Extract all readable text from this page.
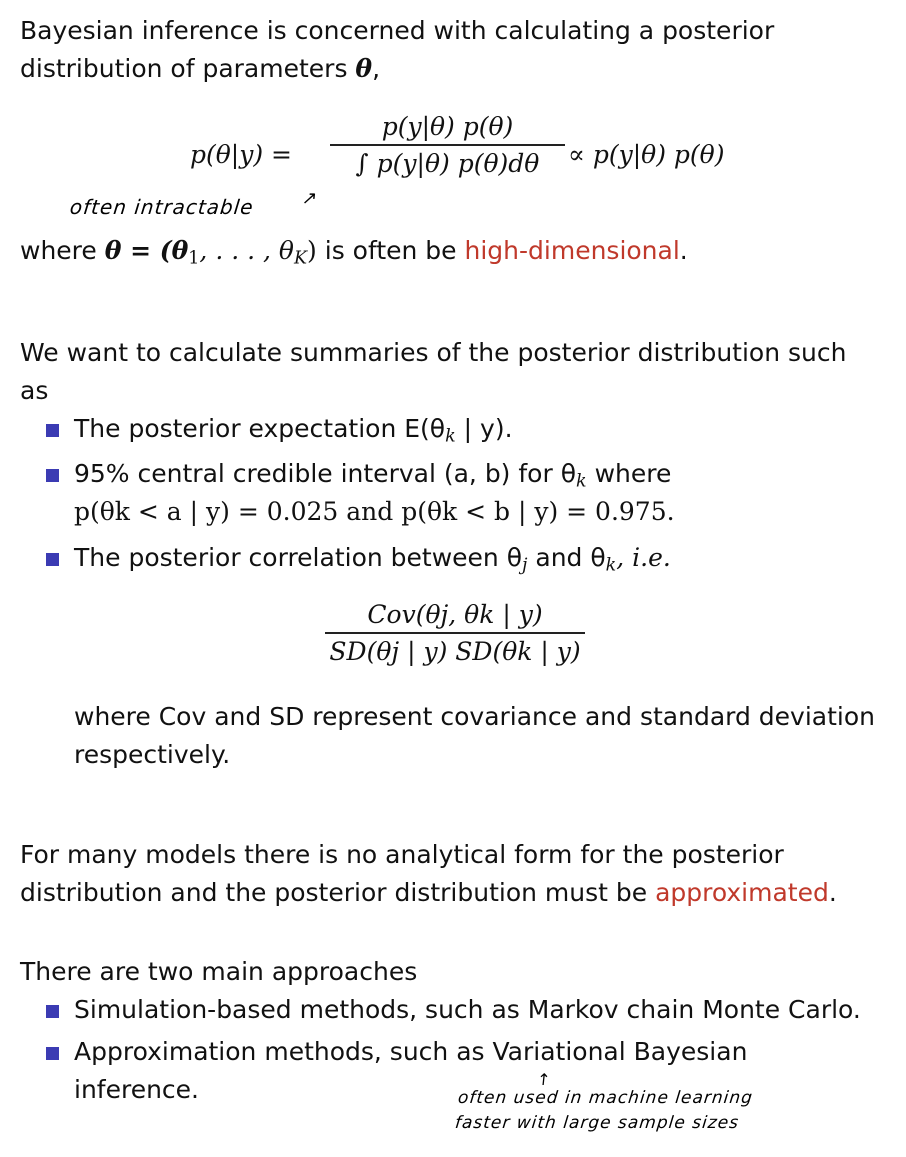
Bayesian inference is concerned with calculating a posterior
distribution of parameters θ,
p(θ|y) =
p(y|θ) p(θ)
∫ p(y|θ) p(θ)dθ	∝ p(y|θ) p(θ)
often intractable	↗
where $\theta = (\theta_1$, . . . , $\theta_K$) is often be high-dimensional.
We want to calculate summaries of the posterior distribution such
as
The posterior expectation $E(\theta_k$ | y).
95% central credible interval (a, b) for $\theta_k$ where
p(θk < a | y) = 0.025 and p(θk < b | y) = 0.975.
The posterior correlation between $\theta_j$ and $\theta_k$, i.e.
Cov(θj, θk | y)
SD(θj | y) SD(θk | y)
where Cov and SD represent covariance and standard deviation
respectively.
For many models there is no analytical form for the posterior
distribution and the posterior distribution must be approximated.
There are two main approaches
Simulation-based methods, such as Markov chain Monte Carlo.
Approximation methods, such as Variational Bayesian
inference.	↑
often used in machine learning
faster with large sample sizes
